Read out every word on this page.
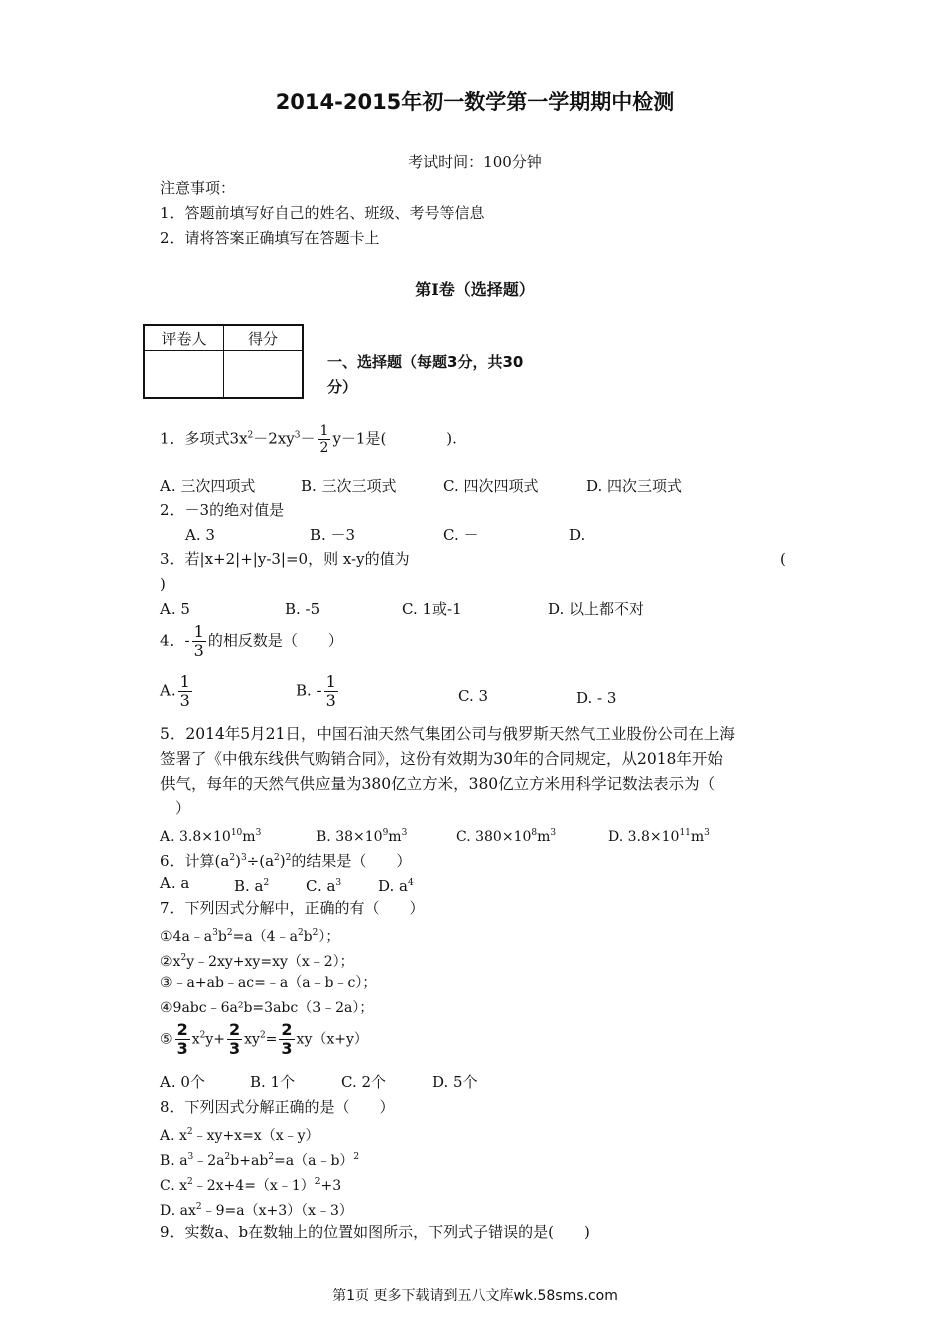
2014-2015年初一数学第一学期期中检测
考试时间：100分钟
注意事项：
1．答题前填写好自己的姓名、班级、考号等信息
2．请将答案正确填写在答题卡上
第I卷（选择题）
评卷人	得分

一、选择题（每题3分，共30
分）
1．多项式$3x^2-2xy^3- \frac{1}{2} y-1$是(　　　　).
A. 三次四项式	B. 三次三项式	C. 四次四项式	D. 四次三项式
2．－3的绝对值是
A. 3	B. －3	C. －	D.
3．若|x+2|+|y-3|=0，则 x-y的值为	(
)
A. 5	B. -5	C. 1或-1	D. 以上都不对
4．- $\frac{1}{3}$ 的相反数是（　　）
A. $\frac{1}{3}$	B. - $\frac{1}{3}$	C. 3	D. - 3
5．2014年5月21日，中国石油天然气集团公司与俄罗斯天然气工业股份公司在上海
签署了《中俄东线供气购销合同》，这份有效期为30年的合同规定，从2018年开始
供气，每年的天然气供应量为380亿立方米，380亿立方米用科学记数法表示为（
　）
A. $3.8\times 10^{10}m^3$	B. $38\times 10^9m^3$	C. $380\times 10^8m^3$	D. $3.8\times 10^{11}m^3$
6．计算$(a^2)^3\div(a^2)^2$的结果是（　　）
A. a	B. $a^2$ C. $a^3$ D. $a^4$
7．下列因式分解中，正确的有（　　）
$①4a﹣a^3b^2=a(4﹣a^2b^2)$；
$②x^2y﹣2xy+xy=xy(x﹣2)$；
③﹣a+ab﹣ac=﹣a（a﹣b﹣c）；
④9abc﹣6a²b=3abc（3﹣2a）；
⑤ $\frac{2}{3} x^2y+ \frac{2}{3} xy^2= \frac{2}{3} xy(x+y)$
A. 0个	B. 1个	C. 2个	D. 5个
8．下列因式分解正确的是（　　）
A. $x^2﹣xy+x=x(x﹣y)$
B. $a^3﹣2a^2b+ab^2=a(a﹣b)^2$
C. $x^2﹣2x+4=(x﹣1)^2+3$
D. $ax^2﹣9=a(x+3)(x﹣3)$
9．实数a、b在数轴上的位置如图所示，下列式子错误的是(　　)
第1页 更多下载请到五八文库wk.58sms.com
